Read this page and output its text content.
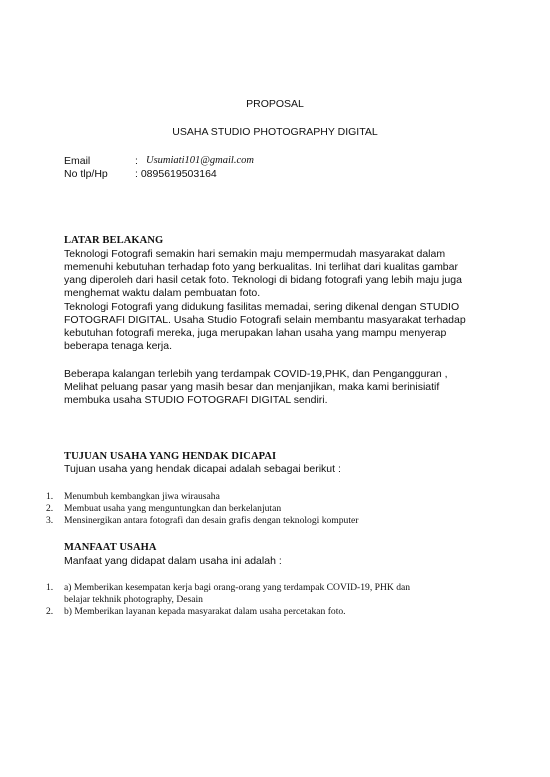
PROPOSAL
USAHA STUDIO PHOTOGRAPHY DIGITAL
Email	: Usumiati101@gmail.com
No tlp/Hp	: 0895619503164
LATAR BELAKANG
Teknologi Fotografi semakin hari semakin maju mempermudah masyarakat dalam
memenuhi kebutuhan terhadap foto yang berkualitas. Ini terlihat dari kualitas gambar
yang diperoleh dari hasil cetak foto. Teknologi di bidang fotografi yang lebih maju juga
menghemat waktu dalam pembuatan foto.
Teknologi Fotografi yang didukung fasilitas memadai, sering dikenal dengan STUDIO
FOTOGRAFI DIGITAL. Usaha Studio Fotografi selain membantu masyarakat terhadap
kebutuhan fotografi mereka, juga merupakan lahan usaha yang mampu menyerap
beberapa tenaga kerja.
Beberapa kalangan terlebih yang terdampak COVID-19,PHK, dan Pengangguran ,
Melihat peluang pasar yang masih besar dan menjanjikan, maka kami berinisiatif
membuka usaha STUDIO FOTOGRAFI DIGITAL sendiri.
TUJUAN USAHA YANG HENDAK DICAPAI
Tujuan usaha yang hendak dicapai adalah sebagai berikut :
1. Menumbuh kembangkan jiwa wirausaha
2. Membuat usaha yang menguntungkan dan berkelanjutan
3. Mensinergikan antara fotografi dan desain grafis dengan teknologi komputer
MANFAAT USAHA
Manfaat yang didapat dalam usaha ini adalah :
1. a) Memberikan kesempatan kerja bagi orang-orang yang terdampak COVID-19, PHK dan
belajar tekhnik photography, Desain
2. b) Memberikan layanan kepada masyarakat dalam usaha percetakan foto.
